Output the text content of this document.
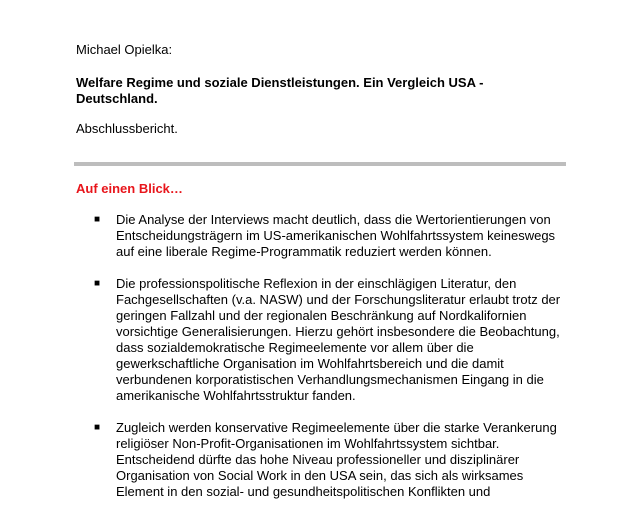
Michael Opielka:
Welfare Regime und soziale Dienstleistungen. Ein Vergleich USA - Deutschland.
Abschlussbericht.
Auf einen Blick…
■ Die Analyse der Interviews macht deutlich, dass die Wertorientierungen von Entscheidungsträgern im US-amerikanischen Wohlfahrtssystem keineswegs auf eine liberale Regime-Programmatik reduziert werden können.
■ Die professionspolitische Reflexion in der einschlägigen Literatur, den Fachgesellschaften (v.a. NASW) und der Forschungsliteratur erlaubt trotz der geringen Fallzahl und der regionalen Beschränkung auf Nordkalifornien vorsichtige Generalisierungen. Hierzu gehört insbesondere die Beobachtung, dass sozialdemokratische Regimeelemente vor allem über die gewerkschaftliche Organisation im Wohlfahrtsbereich und die damit verbundenen korporatistischen Verhandlungsmechanismen Eingang in die amerikanische Wohlfahrtsstruktur fanden.
■ Zugleich werden konservative Regimeelemente über die starke Verankerung religiöser Non-Profit-Organisationen im Wohlfahrtssystem sichtbar. Entscheidend dürfte das hohe Niveau professioneller und disziplinärer Organisation von Social Work in den USA sein, das sich als wirksames Element in den sozial- und gesundheitspolitischen Konflikten und
